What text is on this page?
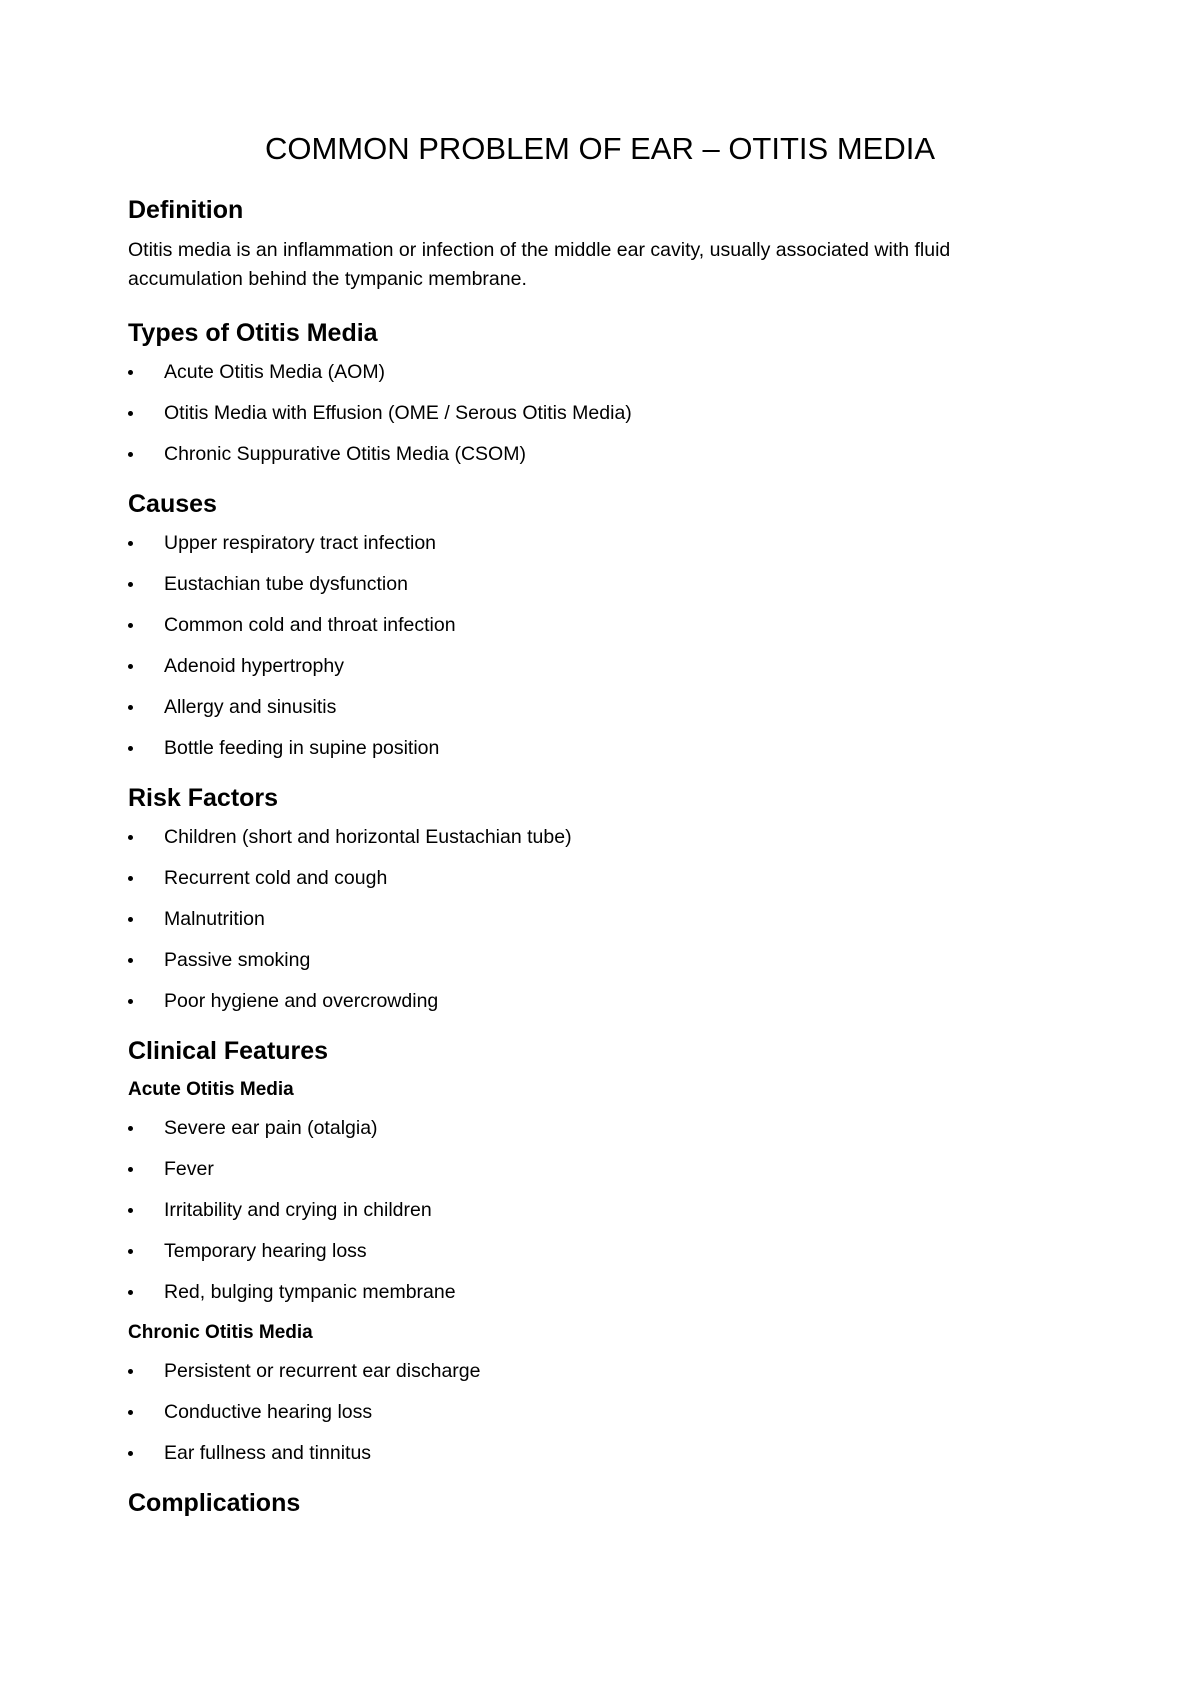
COMMON PROBLEM OF EAR – OTITIS MEDIA
Definition

Otitis media is an inflammation or infection of the middle ear cavity, usually associated with fluid accumulation behind the tympanic membrane.

Types of Otitis Media
Acute Otitis Media (AOM)
Otitis Media with Effusion (OME / Serous Otitis Media)
Chronic Suppurative Otitis Media (CSOM)
Causes
Upper respiratory tract infection
Eustachian tube dysfunction
Common cold and throat infection
Adenoid hypertrophy
Allergy and sinusitis
Bottle feeding in supine position
Risk Factors
Children (short and horizontal Eustachian tube)
Recurrent cold and cough
Malnutrition
Passive smoking
Poor hygiene and overcrowding
Clinical Features
Acute Otitis Media
Severe ear pain (otalgia)
Fever
Irritability and crying in children
Temporary hearing loss
Red, bulging tympanic membrane
Chronic Otitis Media
Persistent or recurrent ear discharge
Conductive hearing loss
Ear fullness and tinnitus
Complications
